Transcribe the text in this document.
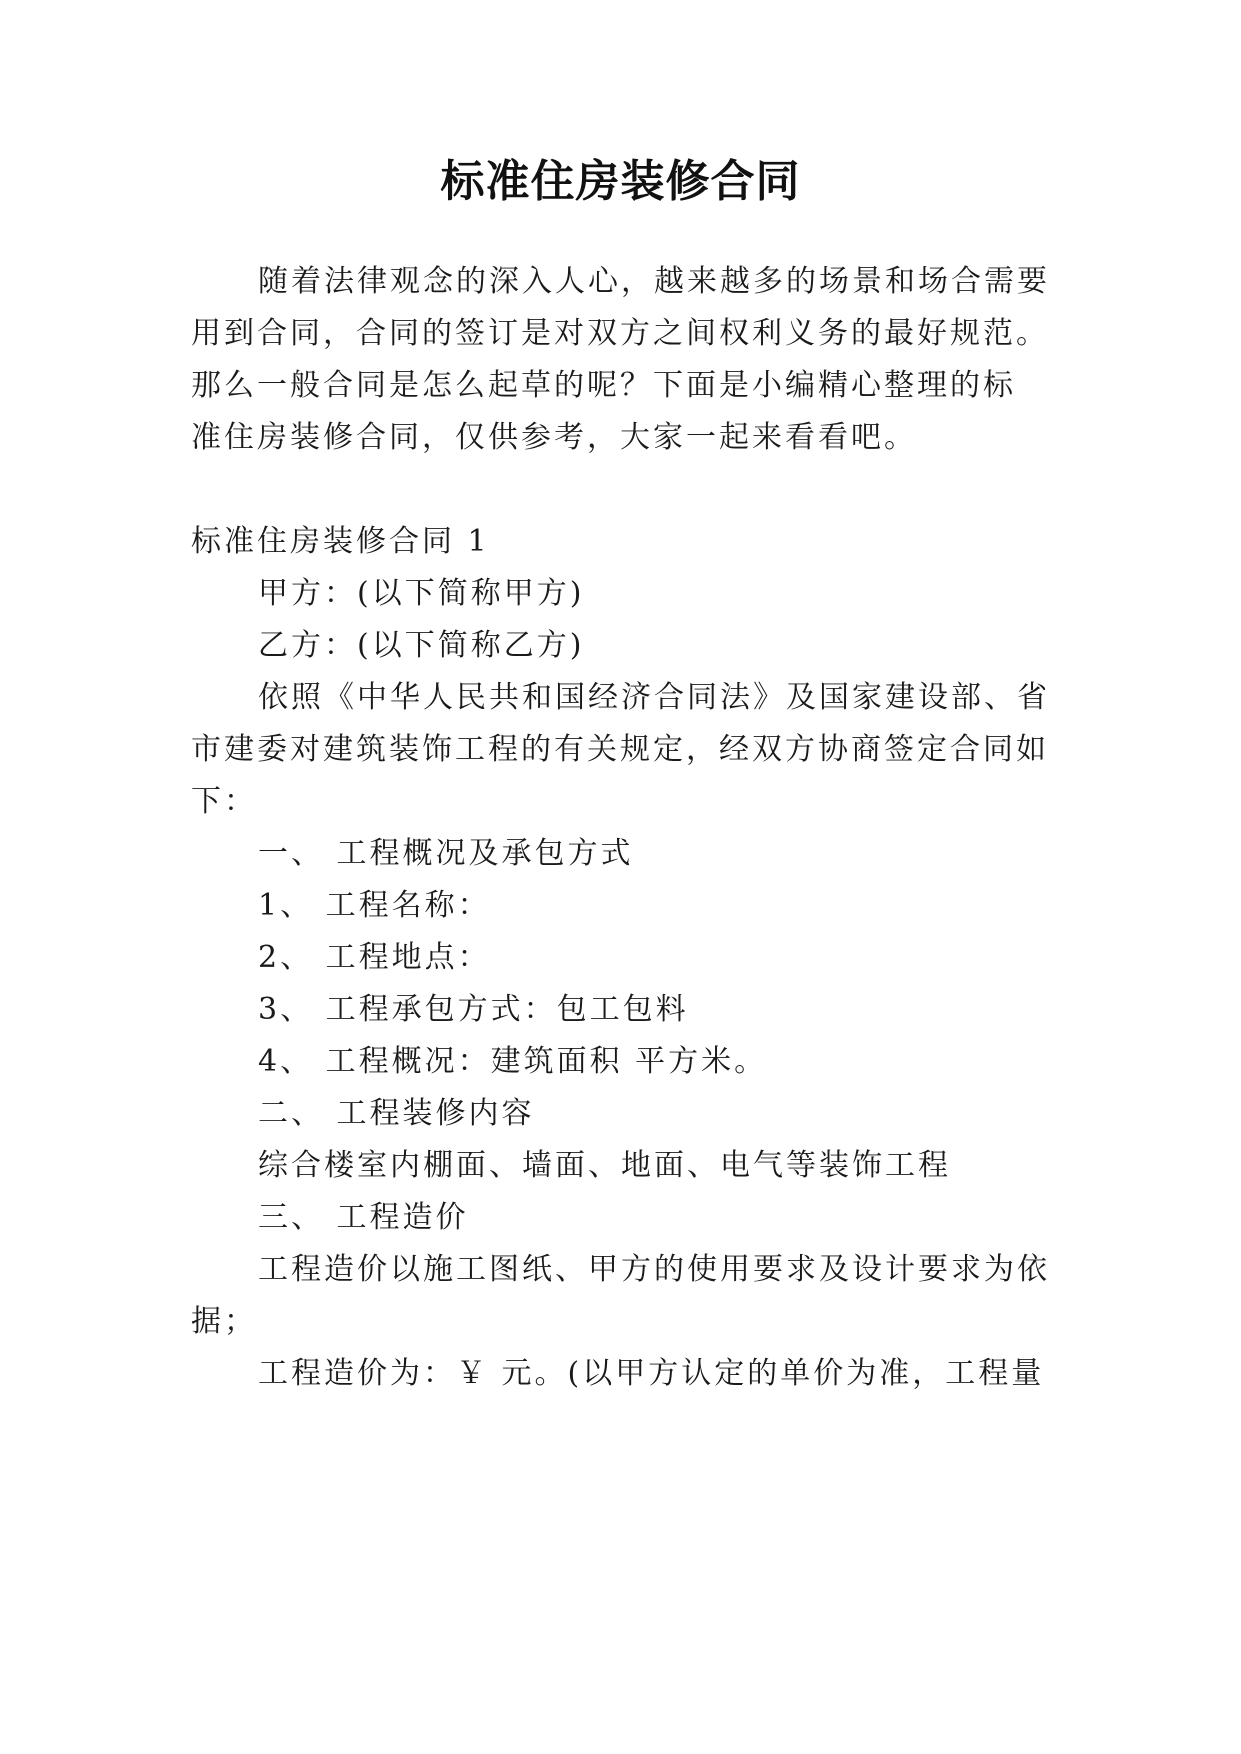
标准住房装修合同
随着法律观念的深入人心，越来越多的场景和场合需要
用到合同，合同的签订是对双方之间权利义务的最好规范。
那么一般合同是怎么起草的呢？下面是小编精心整理的标
准住房装修合同，仅供参考，大家一起来看看吧。
标准住房装修合同 1
甲方：(以下简称甲方)
乙方：(以下简称乙方)
依照《中华人民共和国经济合同法》及国家建设部、省
市建委对建筑装饰工程的有关规定，经双方协商签定合同如
下：
一、 工程概况及承包方式
1、 工程名称：
2、 工程地点：
3、 工程承包方式：包工包料
4、 工程概况：建筑面积 平方米。
二、 工程装修内容
综合楼室内棚面、墙面、地面、电气等装饰工程
三、 工程造价
工程造价以施工图纸、甲方的使用要求及设计要求为依
据；
工程造价为：￥ 元。(以甲方认定的单价为准，工程量
